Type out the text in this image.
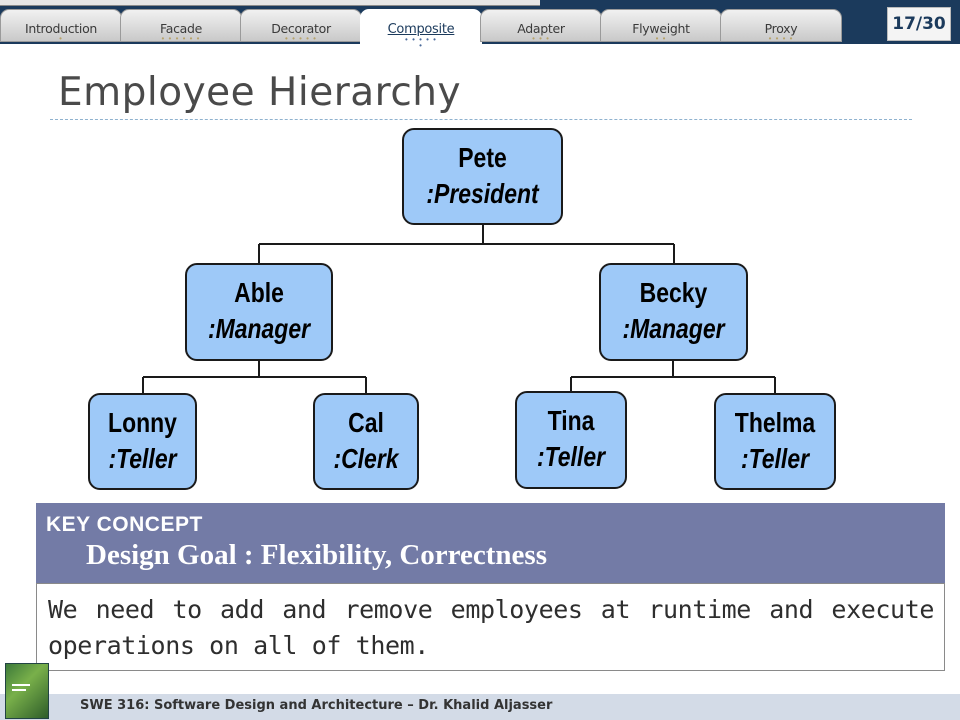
Introduction
•
Facade
• • • • • •
Decorator
• • • • •
Composite
• • • • •
•
Adapter
• • •
Flyweight
• •
Proxy
• • • •
17/30
Employee Hierarchy
Pete
:President
Able
:Manager
Becky
:Manager
Lonny
:Teller
Cal
:Clerk
Tina
:Teller
Thelma
:Teller
KEY CONCEPT
Design Goal : Flexibility, Correctness
We need to add and remove employees at runtime and execute operations on all of them.
SWE 316: Software Design and Architecture – Dr. Khalid Aljasser
